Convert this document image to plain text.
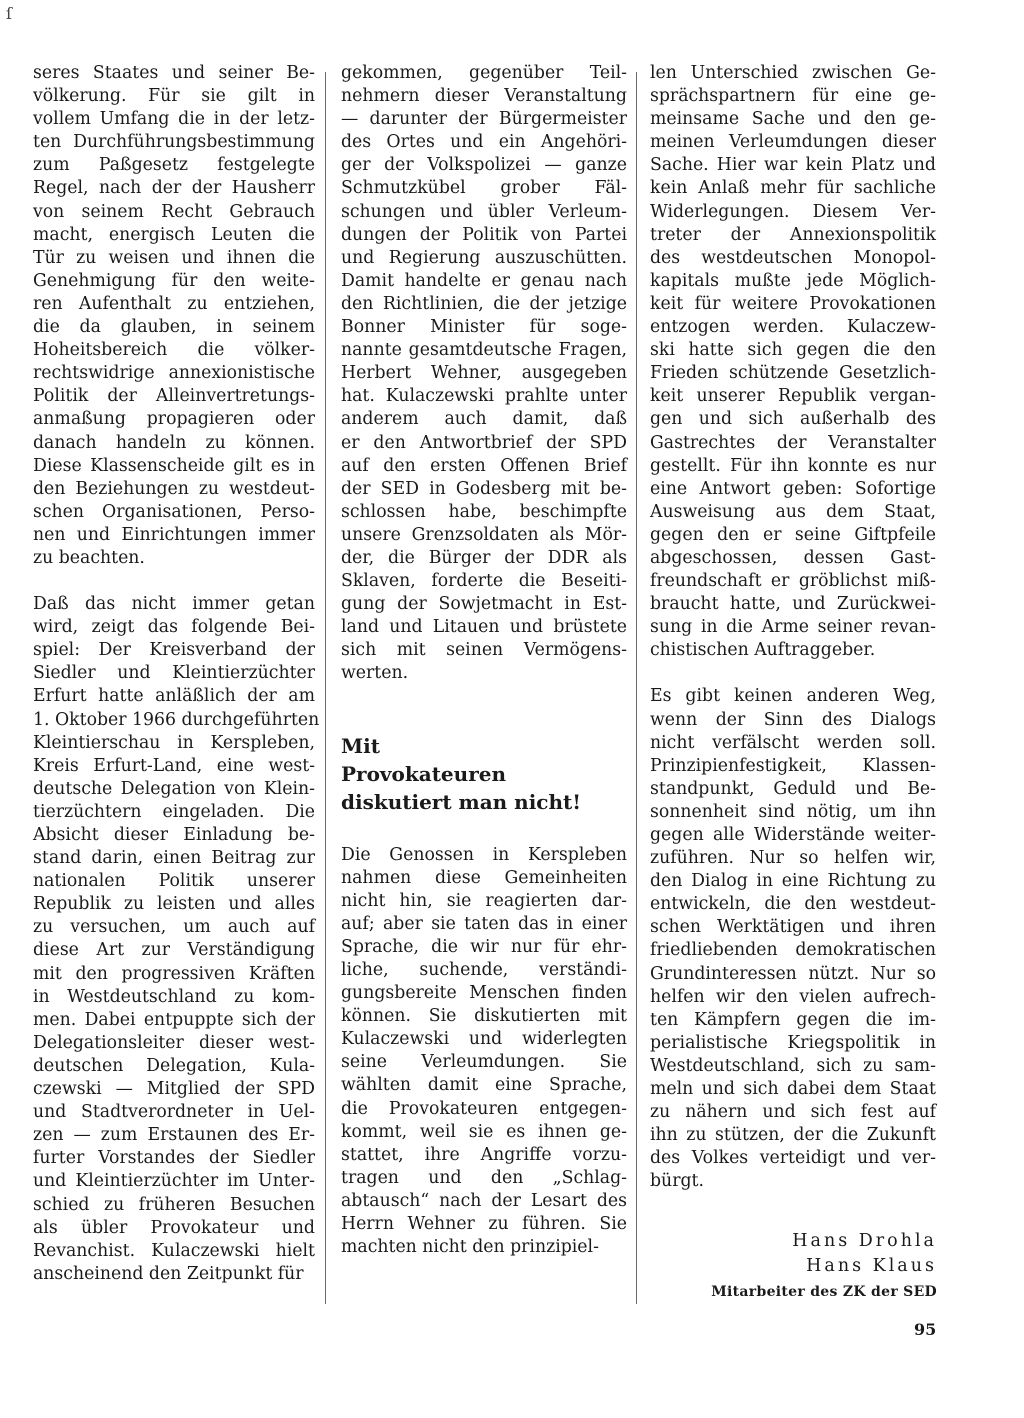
ſ

seres Staates und seiner Be-
völkerung. Für sie gilt in
vollem Umfang die in der letz-
ten Durchführungsbestimmung
zum Paßgesetz festgelegte
Regel, nach der der Hausherr
von seinem Recht Gebrauch
macht, energisch Leuten die
Tür zu weisen und ihnen die
Genehmigung für den weite-
ren Aufenthalt zu entziehen,
die da glauben, in seinem
Hoheitsbereich die völker-
rechtswidrige annexionistische
Politik der Alleinvertretungs-
anmaßung propagieren oder
danach handeln zu können.
Diese Klassenscheide gilt es in
den Beziehungen zu westdeut-
schen Organisationen, Perso-
nen und Einrichtungen immer
zu beachten.

Daß das nicht immer getan
wird, zeigt das folgende Bei-
spiel: Der Kreisverband der
Siedler und Kleintierzüchter
Erfurt hatte anläßlich der am
1. Oktober 1966 durchgeführten
Kleintierschau in Kerspleben,
Kreis Erfurt-Land, eine west-
deutsche Delegation von Klein-
tierzüchtern eingeladen. Die
Absicht dieser Einladung be-
stand darin, einen Beitrag zur
nationalen Politik unserer
Republik zu leisten und alles
zu versuchen, um auch auf
diese Art zur Verständigung
mit den progressiven Kräften
in Westdeutschland zu kom-
men. Dabei entpuppte sich der
Delegationsleiter dieser west-
deutschen Delegation, Kula-
czewski — Mitglied der SPD
und Stadtverordneter in Uel-
zen — zum Erstaunen des Er-
furter Vorstandes der Siedler
und Kleintierzüchter im Unter-
schied zu früheren Besuchen
als übler Provokateur und
Revanchist. Kulaczewski hielt
anscheinend den Zeitpunkt für

gekommen, gegenüber Teil-
nehmern dieser Veranstaltung
— darunter der Bürgermeister
des Ortes und ein Angehöri-
ger der Volkspolizei — ganze
Schmutzkübel grober Fäl-
schungen und übler Verleum-
dungen der Politik von Partei
und Regierung auszuschütten.
Damit handelte er genau nach
den Richtlinien, die der jetzige
Bonner Minister für soge-
nannte gesamtdeutsche Fragen,
Herbert Wehner, ausgegeben
hat. Kulaczewski prahlte unter
anderem auch damit, daß
er den Antwortbrief der SPD
auf den ersten Offenen Brief
der SED in Godesberg mit be-
schlossen habe, beschimpfte
unsere Grenzsoldaten als Mör-
der, die Bürger der DDR als
Sklaven, forderte die Beseiti-
gung der Sowjetmacht in Est-
land und Litauen und brüstete
sich mit seinen Vermögens-
werten.

Mit
Provokateuren
diskutiert man nicht!

Die Genossen in Kerspleben
nahmen diese Gemeinheiten
nicht hin, sie reagierten dar-
auf; aber sie taten das in einer
Sprache, die wir nur für ehr-
liche, suchende, verständi-
gungsbereite Menschen finden
können. Sie diskutierten mit
Kulaczewski und widerlegten
seine Verleumdungen. Sie
wählten damit eine Sprache,
die Provokateuren entgegen-
kommt, weil sie es ihnen ge-
stattet, ihre Angriffe vorzu-
tragen und den „Schlag-
abtausch“ nach der Lesart des
Herrn Wehner zu führen. Sie
machten nicht den prinzipiel-

len Unterschied zwischen Ge-
sprächspartnern für eine ge-
meinsame Sache und den ge-
meinen Verleumdungen dieser
Sache. Hier war kein Platz und
kein Anlaß mehr für sachliche
Widerlegungen. Diesem Ver-
treter der Annexionspolitik
des westdeutschen Monopol-
kapitals mußte jede Möglich-
keit für weitere Provokationen
entzogen werden. Kulaczew-
ski hatte sich gegen die den
Frieden schützende Gesetzlich-
keit unserer Republik vergan-
gen und sich außerhalb des
Gastrechtes der Veranstalter
gestellt. Für ihn konnte es nur
eine Antwort geben: Sofortige
Ausweisung aus dem Staat,
gegen den er seine Giftpfeile
abgeschossen, dessen Gast-
freundschaft er gröblichst miß-
braucht hatte, und Zurückwei-
sung in die Arme seiner revan-
chistischen Auftraggeber.

Es gibt keinen anderen Weg,
wenn der Sinn des Dialogs
nicht verfälscht werden soll.
Prinzipienfestigkeit, Klassen-
standpunkt, Geduld und Be-
sonnenheit sind nötig, um ihn
gegen alle Widerstände weiter-
zuführen. Nur so helfen wir,
den Dialog in eine Richtung zu
entwickeln, die den westdeut-
schen Werktätigen und ihren
friedliebenden demokratischen
Grundinteressen nützt. Nur so
helfen wir den vielen aufrech-
ten Kämpfern gegen die im-
perialistische Kriegspolitik in
Westdeutschland, sich zu sam-
meln und sich dabei dem Staat
zu nähern und sich fest auf
ihn zu stützen, der die Zukunft
des Volkes verteidigt und ver-
bürgt.

Hans Drohla
Hans Klaus
Mitarbeiter des ZK der SED
95
